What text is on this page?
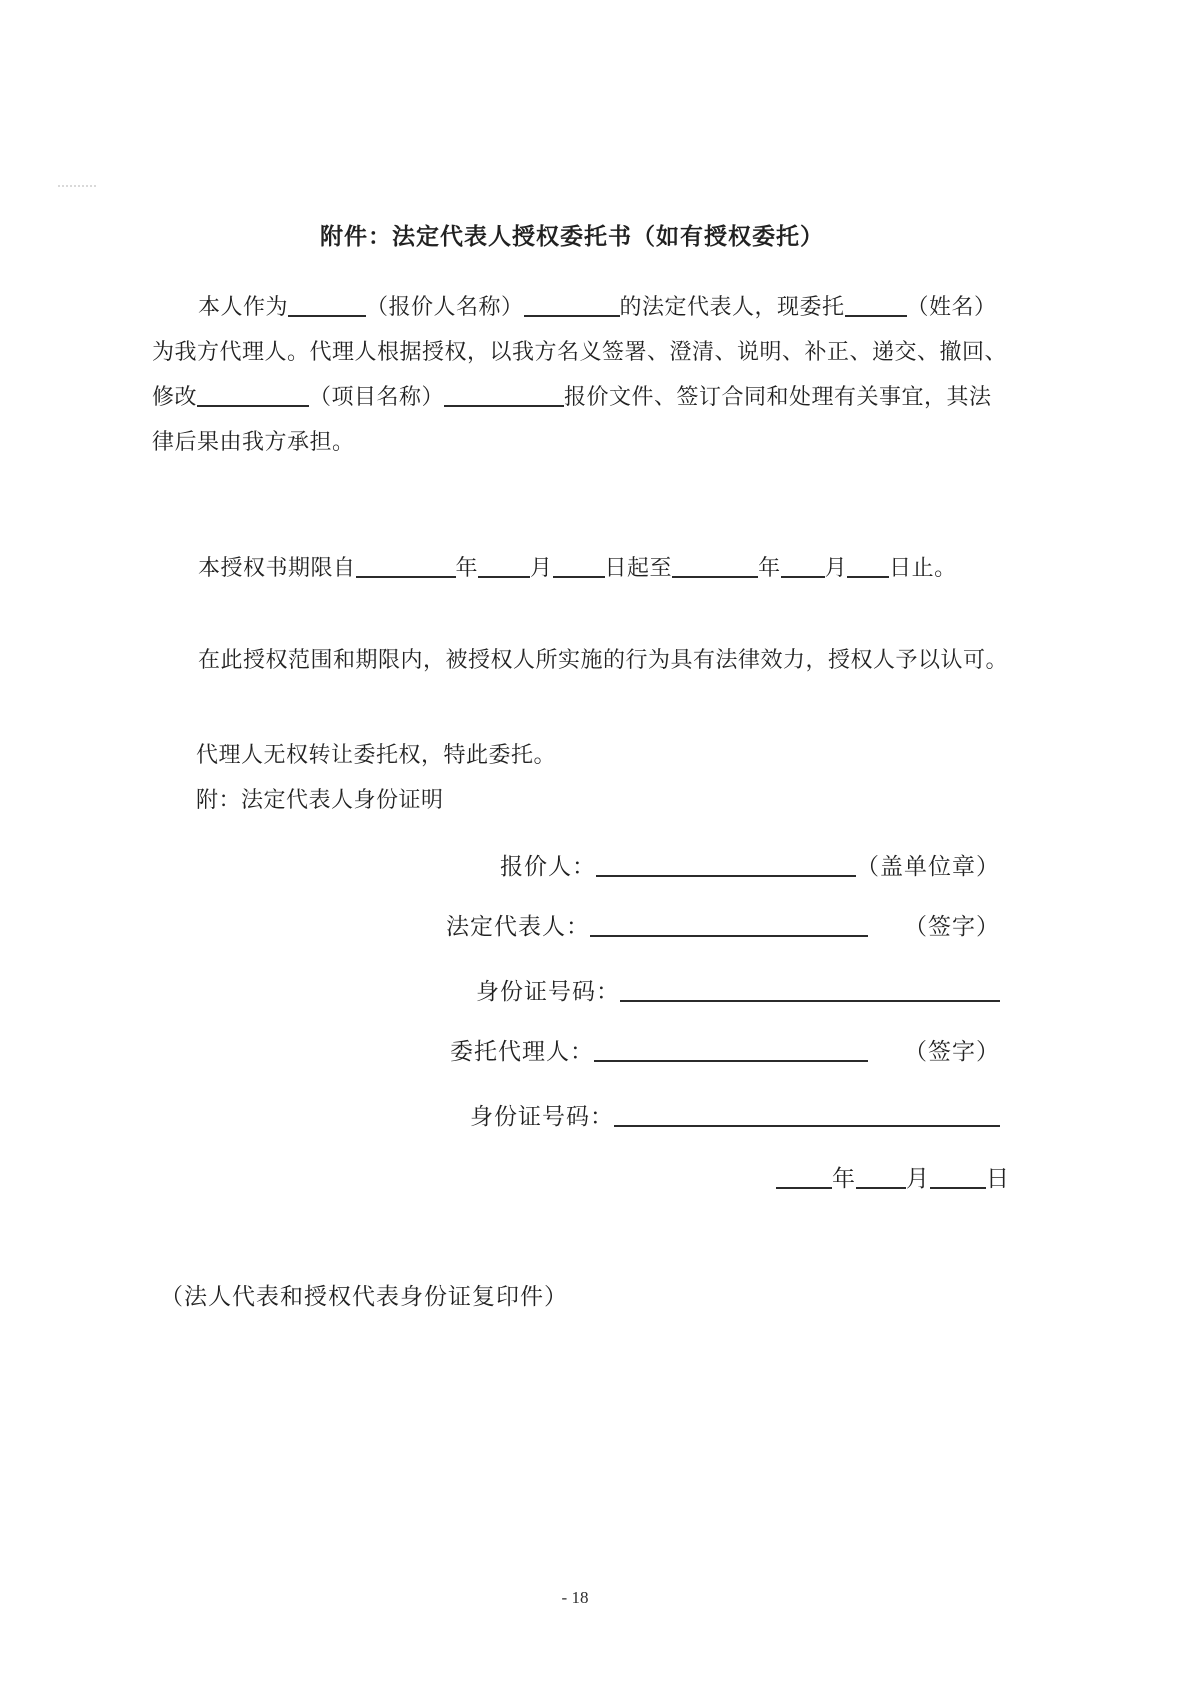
附件：法定代表人授权委托书（如有授权委托）
本人作为	（报价人名称）	的法定代表人，现委托	（姓名）
为我方代理人。代理人根据授权，以我方名义签署、澄清、说明、补正、递交、撤回、
修改	（项目名称）	报价文件、签订合同和处理有关事宜，其法
律后果由我方承担。
本授权书期限自	年 月 日起至	年 月 日止。
在此授权范围和期限内，被授权人所实施的行为具有法律效力，授权人予以认可。
代理人无权转让委托权，特此委托。
附：法定代表人身份证明
报价人：	（盖单位章）
法定代表人：	（签字）
身份证号码：
委托代理人：	（签字）
身份证号码：
年 月 日
（法人代表和授权代表身份证复印件）
- 18
